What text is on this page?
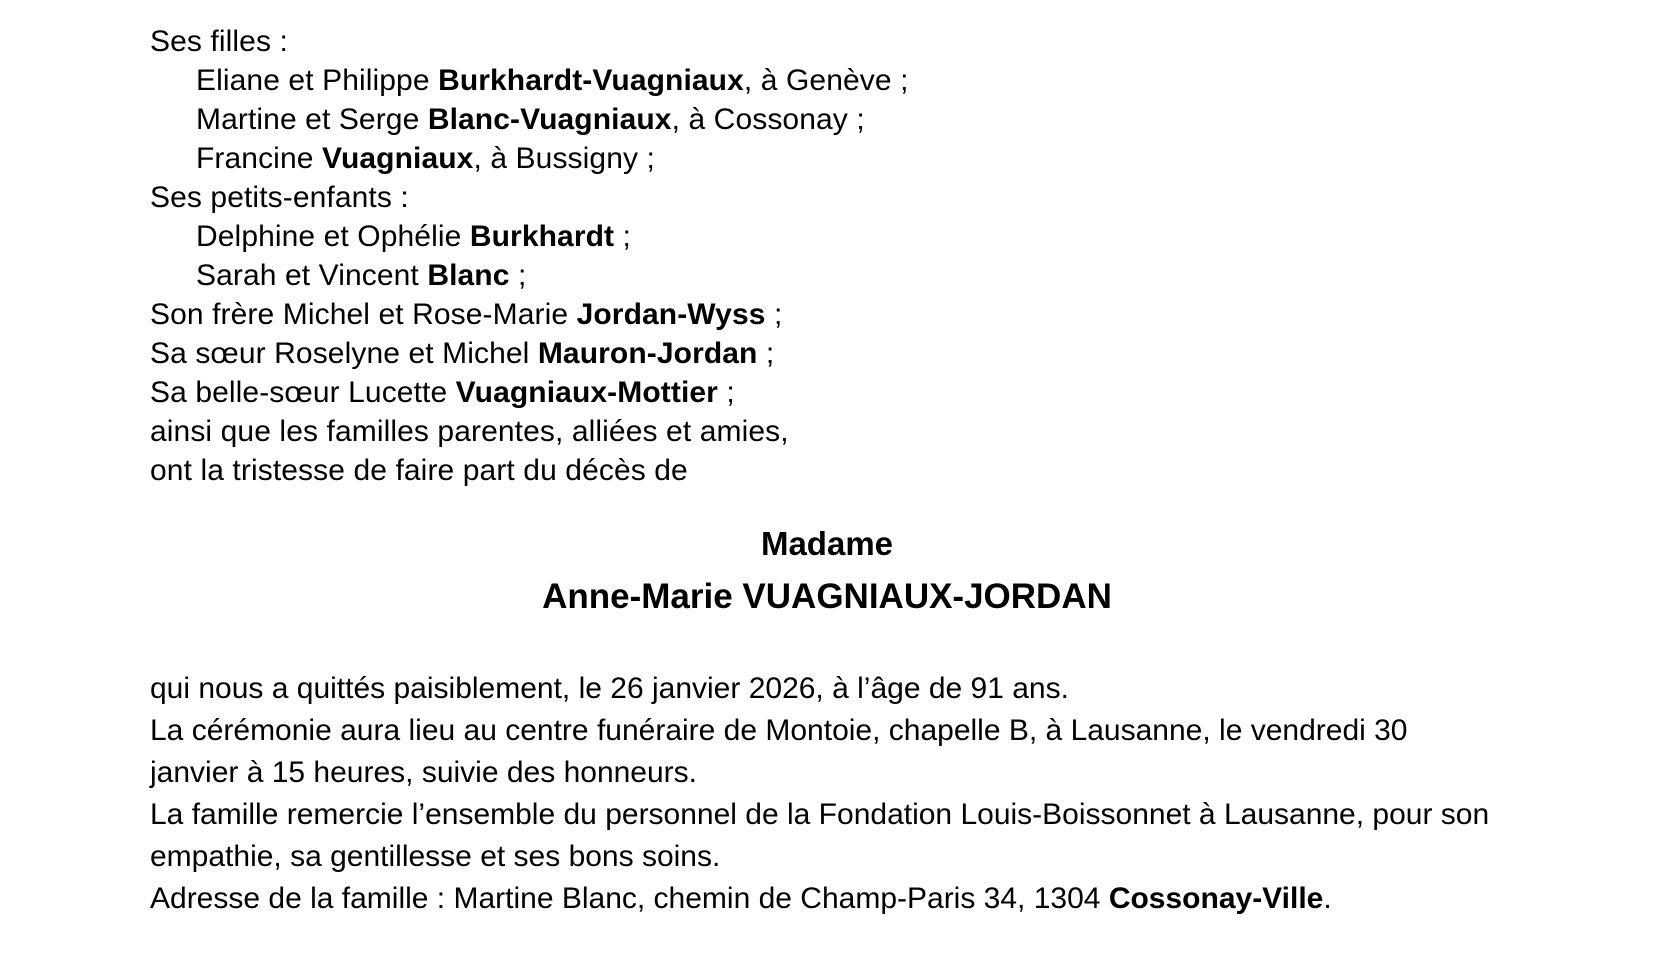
Ses filles :
Eliane et Philippe Burkhardt-Vuagniaux, à Genève ;
Martine et Serge Blanc-Vuagniaux, à Cossonay ;
Francine Vuagniaux, à Bussigny ;
Ses petits-enfants :
Delphine et Ophélie Burkhardt ;
Sarah et Vincent Blanc ;
Son frère Michel et Rose-Marie Jordan-Wyss ;
Sa sœur Roselyne et Michel Mauron-Jordan ;
Sa belle-sœur Lucette Vuagniaux-Mottier ;
ainsi que les familles parentes, alliées et amies,
ont la tristesse de faire part du décès de
Madame
Anne-Marie VUAGNIAUX-JORDAN

qui nous a quittés paisiblement, le 26 janvier 2026, à l’âge de 91 ans.

La cérémonie aura lieu au centre funéraire de Montoie, chapelle B, à Lausanne, le vendredi 30 janvier à 15 heures, suivie des honneurs.

La famille remercie l’ensemble du personnel de la Fondation Louis-Boissonnet à Lausanne, pour son empathie, sa gentillesse et ses bons soins.

Adresse de la famille : Martine Blanc, chemin de Champ-Paris 34, 1304 Cossonay-Ville.
